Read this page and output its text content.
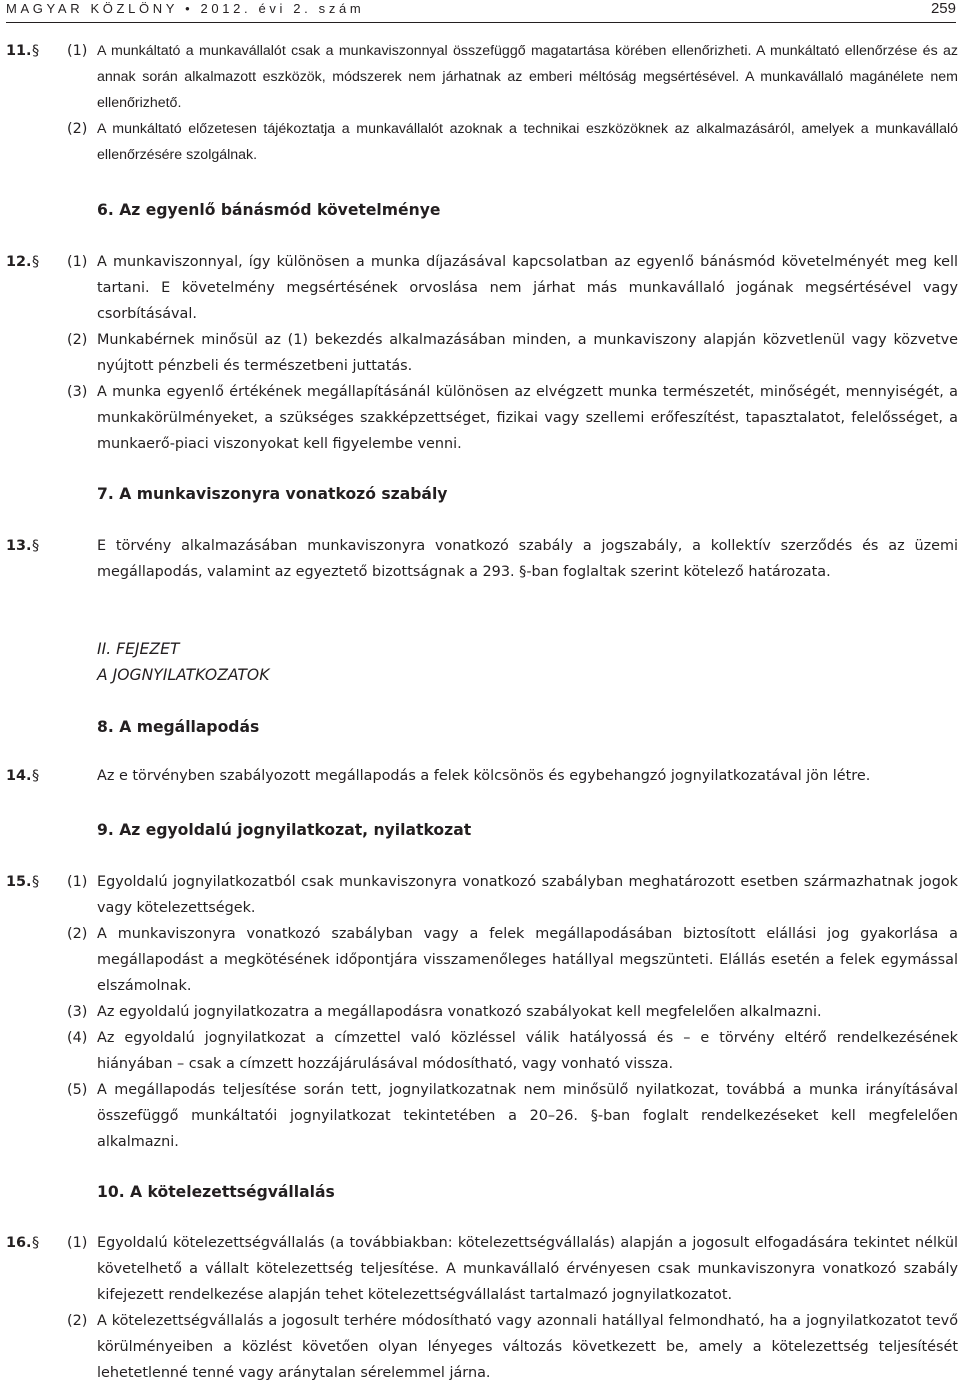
MAGYAR KÖZLÖNY • 2012. évi 2. szám	259
11. § (1) A munkáltató a munkavállalót csak a munkaviszonnyal összefüggő magatartása körében ellenőrizheti. A munkáltató ellenőrzése és az annak során alkalmazott eszközök, módszerek nem járhatnak az emberi méltóság megsértésével. A munkavállaló magánélete nem ellenőrizhető.
(2) A munkáltató előzetesen tájékoztatja a munkavállalót azoknak a technikai eszközöknek az alkalmazásáról, amelyek a munkavállaló ellenőrzésére szolgálnak.
6. Az egyenlő bánásmód követelménye
12. § (1) A munkaviszonnyal, így különösen a munka díjazásával kapcsolatban az egyenlő bánásmód követelményét meg kell tartani. E követelmény megsértésének orvoslása nem járhat más munkavállaló jogának megsértésével vagy csorbításával.
(2) Munkabérnek minősül az (1) bekezdés alkalmazásában minden, a munkaviszony alapján közvetlenül vagy közvetve nyújtott pénzbeli és természetbeni juttatás.
(3) A munka egyenlő értékének megállapításánál különösen az elvégzett munka természetét, minőségét, mennyiségét, a munkakörülményeket, a szükséges szakképzettséget, fizikai vagy szellemi erőfeszítést, tapasztalatot, felelősséget, a munkaerő-piaci viszonyokat kell figyelembe venni.
7. A munkaviszonyra vonatkozó szabály
13. §	E törvény alkalmazásában munkaviszonyra vonatkozó szabály a jogszabály, a kollektív szerződés és az üzemi megállapodás, valamint az egyeztető bizottságnak a 293. §-ban foglaltak szerint kötelező határozata.
II. FEJEZET
A JOGNYILATKOZATOK
8. A megállapodás
14. §	Az e törvényben szabályozott megállapodás a felek kölcsönös és egybehangzó jognyilatkozatával jön létre.
9. Az egyoldalú jognyilatkozat, nyilatkozat
15. § (1) Egyoldalú jognyilatkozatból csak munkaviszonyra vonatkozó szabályban meghatározott esetben származhatnak jogok vagy kötelezettségek.
(2) A munkaviszonyra vonatkozó szabályban vagy a felek megállapodásában biztosított elállási jog gyakorlása a megállapodást a megkötésének időpontjára visszamenőleges hatállyal megszünteti. Elállás esetén a felek egymással elszámolnak.
(3) Az egyoldalú jognyilatkozatra a megállapodásra vonatkozó szabályokat kell megfelelően alkalmazni.
(4) Az egyoldalú jognyilatkozat a címzettel való közléssel válik hatályossá és – e törvény eltérő rendelkezésének hiányában – csak a címzett hozzájárulásával módosítható, vagy vonható vissza.
(5) A megállapodás teljesítése során tett, jognyilatkozatnak nem minősülő nyilatkozat, továbbá a munka irányításával összefüggő munkáltatói jognyilatkozat tekintetében a 20–26. §-ban foglalt rendelkezéseket kell megfelelően alkalmazni.
10. A kötelezettségvállalás
16. § (1) Egyoldalú kötelezettségvállalás (a továbbiakban: kötelezettségvállalás) alapján a jogosult elfogadására tekintet nélkül követelhető a vállalt kötelezettség teljesítése. A munkavállaló érvényesen csak munkaviszonyra vonatkozó szabály kifejezett rendelkezése alapján tehet kötelezettségvállalást tartalmazó jognyilatkozatot.
(2) A kötelezettségvállalás a jogosult terhére módosítható vagy azonnali hatállyal felmondható, ha a jognyilatkozatot tevő körülményeiben a közlést követően olyan lényeges változás következett be, amely a kötelezettség teljesítését lehetetlenné tenné vagy aránytalan sérelemmel járna.
